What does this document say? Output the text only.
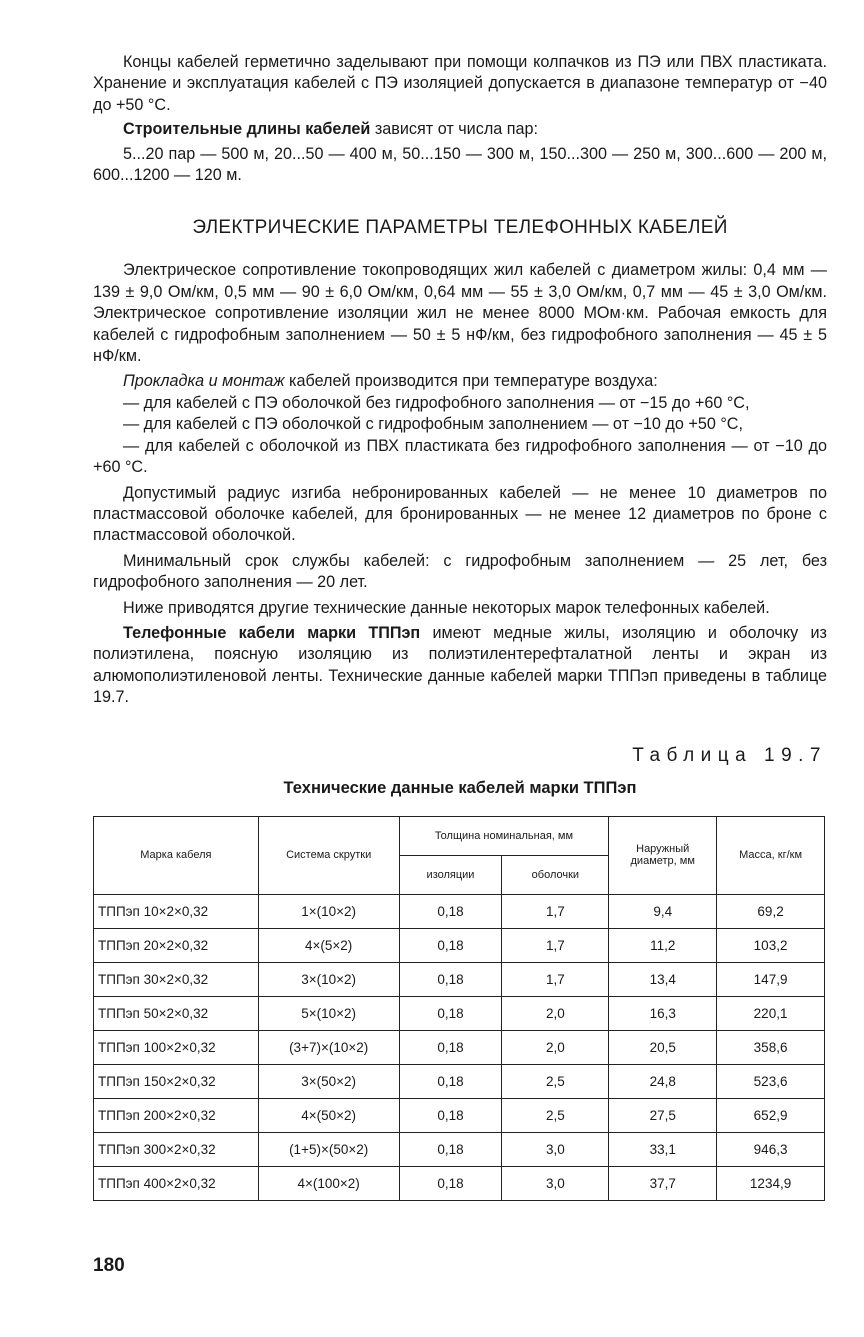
Концы кабелей герметично заделывают при помощи колпачков из ПЭ или ПВХ пластиката. Хранение и эксплуатация кабелей с ПЭ изоляцией допускается в диапазоне температур от −40 до +50 °С.

Строительные длины кабелей зависят от числа пар:

5...20 пар — 500 м, 20...50 — 400 м, 50...150 — 300 м, 150...300 — 250 м, 300...600 — 200 м, 600...1200 — 120 м.

ЭЛЕКТРИЧЕСКИЕ ПАРАМЕТРЫ ТЕЛЕФОННЫХ КАБЕЛЕЙ

Электрическое сопротивление токопроводящих жил кабелей с диаметром жилы: 0,4 мм — 139 ± 9,0 Ом/км, 0,5 мм — 90 ± 6,0 Ом/км, 0,64 мм — 55 ± 3,0 Ом/км, 0,7 мм — 45 ± 3,0 Ом/км. Электрическое сопротивление изоляции жил не менее 8000 МОм·км. Рабочая емкость для кабелей с гидрофобным заполнением — 50 ± 5 нФ/км, без гидрофобного заполнения — 45 ± 5 нФ/км.

Прокладка и монтаж кабелей производится при температуре воздуха:

— для кабелей с ПЭ оболочкой без гидрофобного заполнения — от −15 до +60 °С,

— для кабелей с ПЭ оболочкой с гидрофобным заполнением — от −10 до +50 °С,

— для кабелей с оболочкой из ПВХ пластиката без гидрофобного заполнения — от −10 до +60 °С.

Допустимый радиус изгиба небронированных кабелей — не менее 10 диаметров по пластмассовой оболочке кабелей, для бронированных — не менее 12 диаметров по броне с пластмассовой оболочкой.

Минимальный срок службы кабелей: с гидрофобным заполнением — 25 лет, без гидрофобного заполнения — 20 лет.

Ниже приводятся другие технические данные некоторых марок телефонных кабелей.

Телефонные кабели марки ТППэп имеют медные жилы, изоляцию и оболочку из полиэтилена, поясную изоляцию из полиэтилентерефталатной ленты и экран из алюмополиэтиленовой ленты. Технические данные кабелей марки ТППэп приведены в таблице 19.7.

Таблица 19.7
Технические данные кабелей марки ТППэп
Марка кабеля	Система скрутки	Толщина номинальная, мм		Наружный диаметр, мм	Масса, кг/км
		изоляции	оболочки		
ТППэп 10×2×0,32	1×(10×2)	0,18	1,7	9,4	69,2
ТППэп 20×2×0,32	4×(5×2)	0,18	1,7	11,2	103,2
ТППэп 30×2×0,32	3×(10×2)	0,18	1,7	13,4	147,9
ТППэп 50×2×0,32	5×(10×2)	0,18	2,0	16,3	220,1
ТППэп 100×2×0,32	(3+7)×(10×2)	0,18	2,0	20,5	358,6
ТППэп 150×2×0,32	3×(50×2)	0,18	2,5	24,8	523,6
ТППэп 200×2×0,32	4×(50×2)	0,18	2,5	27,5	652,9
ТППэп 300×2×0,32	(1+5)×(50×2)	0,18	3,0	33,1	946,3
ТППэп 400×2×0,32	4×(100×2)	0,18	3,0	37,7	1234,9
180
